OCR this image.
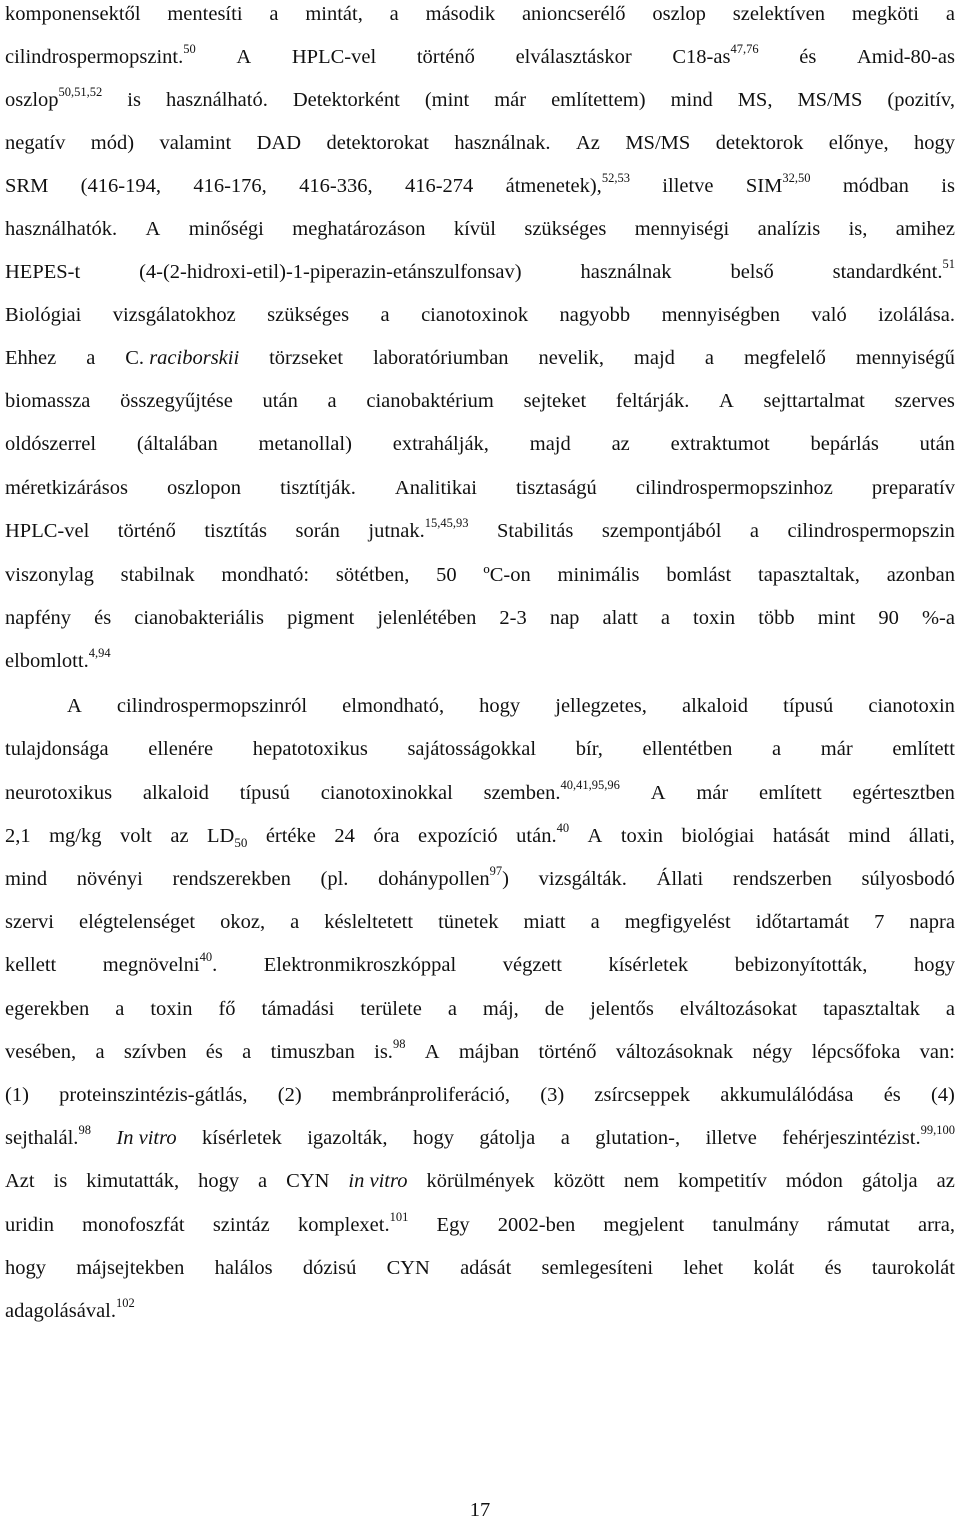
17
komponensektől mentesíti a mintát, a második anioncserélő oszlop szelektíven megköti a
cilindrospermopszint.$^{50}$ A HPLC-vel történő elválasztáskor C18-as$^{47,76}$ és Amid-80-as
oszlop$^{50,51,52}$ is használható. Detektorként (mint már említettem) mind MS, MS/MS (pozitív,
negatív mód) valamint DAD detektorokat használnak. Az MS/MS detektorok előnye, hogy
SRM (416-194, 416-176, 416-336, 416-274 átmenetek),$^{52,53}$ illetve SIM$^{32,50}$ módban is
használhatók. A minőségi meghatározáson kívül szükséges mennyiségi analízis is, amihez
HEPES-t	(4-(2-hidroxi-etil)-1-piperazin-etánszulfonsav)	használnak	belső	standardként.$^{51}$
Biológiai vizsgálatokhoz szükséges a cianotoxinok nagyobb mennyiségben való izolálása.
Ehhez a C. raciborskii törzseket laboratóriumban nevelik, majd a megfelelő mennyiségű
biomassza összegyűjtése után a cianobaktérium sejteket feltárják. A sejttartalmat szerves
oldószerrel (általában metanollal) extrahálják, majd az extraktumot bepárlás után
méretkizárásos oszlopon tisztítják. Analitikai tisztaságú cilindrospermopszinhoz preparatív
HPLC-vel történő tisztítás során jutnak.$^{15,45,93}$ Stabilitás szempontjából a cilindrospermopszin
viszonylag stabilnak mondható: sötétben, 50 ºC-on minimális bomlást tapasztaltak, azonban
napfény és cianobakteriális pigment jelenlétében 2-3 nap alatt a toxin több mint 90 %-a
elbomlott.$^{4,94}$
A cilindrospermopszinról elmondható, hogy jellegzetes, alkaloid típusú cianotoxin
tulajdonsága ellenére hepatotoxikus sajátosságokkal bír, ellentétben a már említett
neurotoxikus alkaloid típusú cianotoxinokkal szemben.$^{40,41,95,96}$ A már említett egértesztben
2,1 mg/kg volt az $LD_{50}$ értéke 24 óra expozíció után.$^{40}$ A toxin biológiai hatását mind állati,
mind növényi rendszerekben (pl. dohánypollen$^{97}$) vizsgálták. Állati rendszerben súlyosbodó
szervi elégtelenséget okoz, a késleltetett tünetek miatt a megfigyelést időtartamát 7 napra
kellett megnövelni$^{40}$. Elektronmikroszkóppal végzett kísérletek bebizonyították, hogy
egerekben a toxin fő támadási területe a máj, de jelentős elváltozásokat tapasztaltak a
vesében, a szívben és a timuszban is.$^{98}$ A májban történő változásoknak négy lépcsőfoka van:
(1) proteinszintézis-gátlás, (2) membránproliferáció, (3) zsírcseppek akkumulálódása és (4)
sejthalál.$^{98}$ In vitro kísérletek igazolták, hogy gátolja a glutation-, illetve fehérjeszintézist.$^{99,100}$
Azt is kimutatták, hogy a CYN in vitro körülmények között nem kompetitív módon gátolja az
uridin monofoszfát szintáz komplexet.$^{101}$ Egy 2002-ben megjelent tanulmány rámutat arra,
hogy májsejtekben halálos dózisú CYN adását semlegesíteni lehet kolát és taurokolát
adagolásával.$^{102}$
